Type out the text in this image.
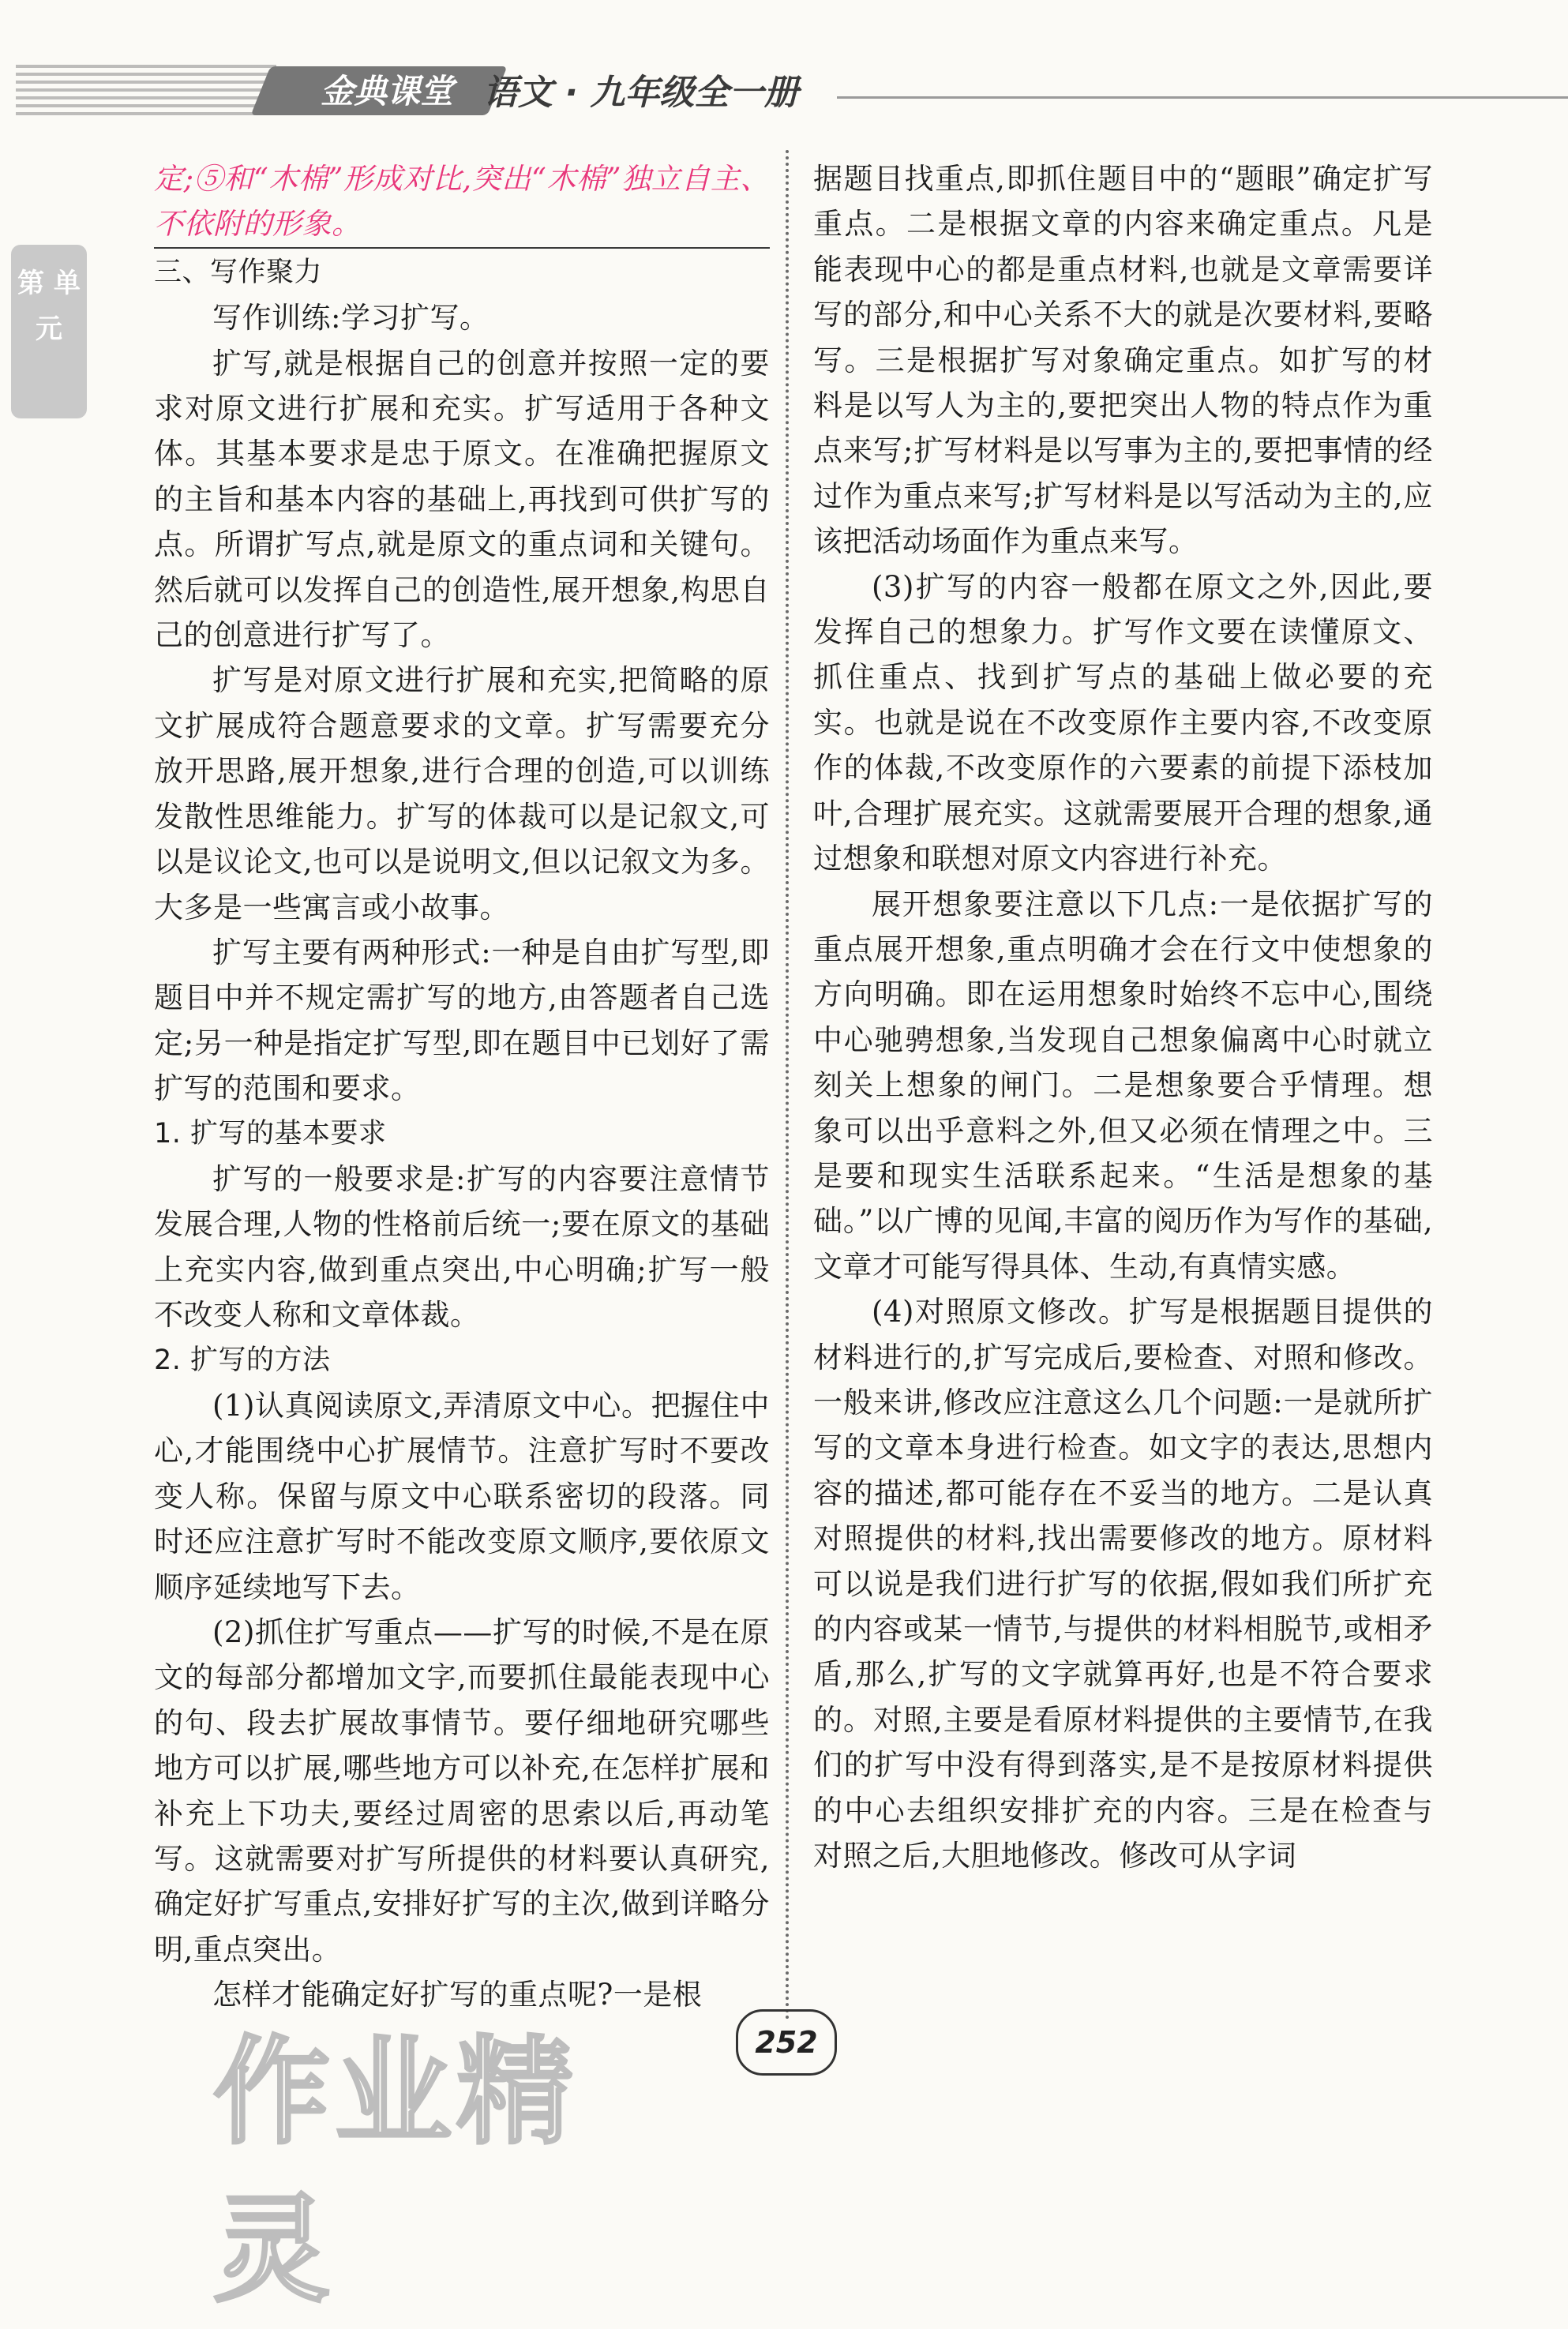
金典课堂 语文 · 九年级全一册
第 单元

定;⑤和“木棉”形成对比,突出“木棉”独立自主、不依附的形象。

三、写作聚力

写作训练:学习扩写。

扩写,就是根据自己的创意并按照一定的要求对原文进行扩展和充实。扩写适用于各种文体。其基本要求是忠于原文。在准确把握原文的主旨和基本内容的基础上,再找到可供扩写的点。所谓扩写点,就是原文的重点词和关键句。然后就可以发挥自己的创造性,展开想象,构思自己的创意进行扩写了。

扩写是对原文进行扩展和充实,把简略的原文扩展成符合题意要求的文章。扩写需要充分放开思路,展开想象,进行合理的创造,可以训练发散性思维能力。扩写的体裁可以是记叙文,可以是议论文,也可以是说明文,但以记叙文为多。大多是一些寓言或小故事。

扩写主要有两种形式:一种是自由扩写型,即题目中并不规定需扩写的地方,由答题者自己选定;另一种是指定扩写型,即在题目中已划好了需扩写的范围和要求。

1. 扩写的基本要求

扩写的一般要求是:扩写的内容要注意情节发展合理,人物的性格前后统一;要在原文的基础上充实内容,做到重点突出,中心明确;扩写一般不改变人称和文章体裁。

2. 扩写的方法

(1)认真阅读原文,弄清原文中心。把握住中心,才能围绕中心扩展情节。注意扩写时不要改变人称。保留与原文中心联系密切的段落。同时还应注意扩写时不能改变原文顺序,要依原文顺序延续地写下去。

(2)抓住扩写重点——扩写的时候,不是在原文的每部分都增加文字,而要抓住最能表现中心的句、段去扩展故事情节。要仔细地研究哪些地方可以扩展,哪些地方可以补充,在怎样扩展和补充上下功夫,要经过周密的思索以后,再动笔写。这就需要对扩写所提供的材料要认真研究,确定好扩写重点,安排好扩写的主次,做到详略分明,重点突出。

怎样才能确定好扩写的重点呢?一是根

据题目找重点,即抓住题目中的“题眼”确定扩写重点。二是根据文章的内容来确定重点。凡是能表现中心的都是重点材料,也就是文章需要详写的部分,和中心关系不大的就是次要材料,要略写。三是根据扩写对象确定重点。如扩写的材料是以写人为主的,要把突出人物的特点作为重点来写;扩写材料是以写事为主的,要把事情的经过作为重点来写;扩写材料是以写活动为主的,应该把活动场面作为重点来写。

(3)扩写的内容一般都在原文之外,因此,要发挥自己的想象力。扩写作文要在读懂原文、抓住重点、找到扩写点的基础上做必要的充实。也就是说在不改变原作主要内容,不改变原作的体裁,不改变原作的六要素的前提下添枝加叶,合理扩展充实。这就需要展开合理的想象,通过想象和联想对原文内容进行补充。

展开想象要注意以下几点:一是依据扩写的重点展开想象,重点明确才会在行文中使想象的方向明确。即在运用想象时始终不忘中心,围绕中心驰骋想象,当发现自己想象偏离中心时就立刻关上想象的闸门。二是想象要合乎情理。想象可以出乎意料之外,但又必须在情理之中。三是要和现实生活联系起来。“生活是想象的基础。”以广博的见闻,丰富的阅历作为写作的基础,文章才可能写得具体、生动,有真情实感。

(4)对照原文修改。扩写是根据题目提供的材料进行的,扩写完成后,要检查、对照和修改。一般来讲,修改应注意这么几个问题:一是就所扩写的文章本身进行检查。如文字的表达,思想内容的描述,都可能存在不妥当的地方。二是认真对照提供的材料,找出需要修改的地方。原材料可以说是我们进行扩写的依据,假如我们所扩充的内容或某一情节,与提供的材料相脱节,或相矛盾,那么,扩写的文字就算再好,也是不符合要求的。对照,主要是看原材料提供的主要情节,在我们的扩写中没有得到落实,是不是按原材料提供的中心去组织安排扩充的内容。三是在检查与对照之后,大胆地修改。修改可从字词

作业精灵
252
